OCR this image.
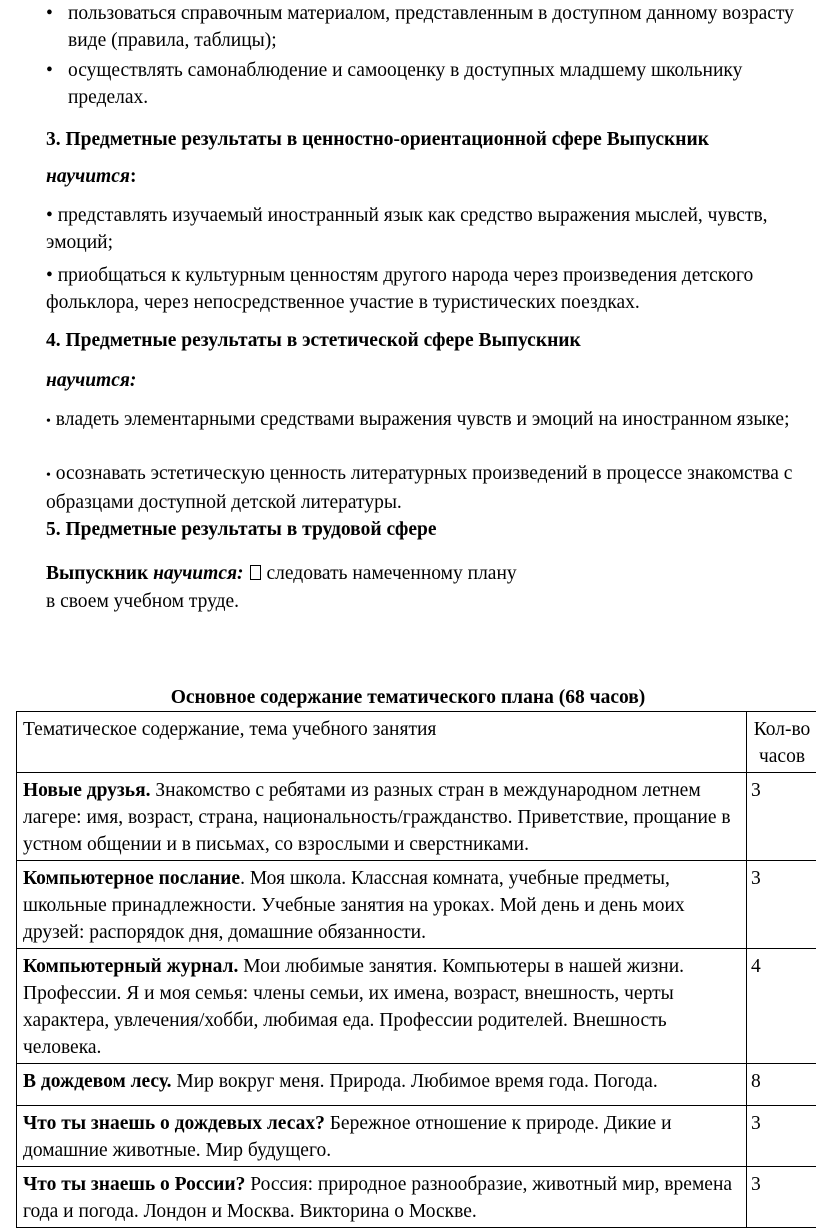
• пользоваться справочным материалом, представленным в доступном данному возрасту виде (правила, таблицы);
• осуществлять самонаблюдение и самооценку в доступных младшему школьнику пределах.
3. Предметные результаты в ценностно-ориентационной сфере Выпускник
научится:
• представлять изучаемый иностранный язык как средство выражения мыслей, чувств, эмоций;
• приобщаться к культурным ценностям другого народа через произведения детского фольклора, через непосредственное участие в туристических поездках.
4. Предметные результаты в эстетической сфере Выпускник
научится:
• владеть элементарными средствами выражения чувств и эмоций на иностранном языке;
• осознавать эстетическую ценность литературных произведений в процессе знакомства с образцами доступной детской литературы.
5. Предметные результаты в трудовой сфере
Выпускник научится: следовать намеченному плану
в своем учебном труде.
Основное содержание тематического плана (68 часов)
Тематическое содержание, тема учебного занятия	Кол-во
часов
Новые друзья. Знакомство с ребятами из разных стран в международном летнем лагере: имя, возраст, страна, национальность/гражданство. Приветствие, прощание в устном общении и в письмах, со взрослыми и сверстниками.	3
Компьютерное послание. Моя школа. Классная комната, учебные предметы, школьные принадлежности. Учебные занятия на уроках. Мой день и день моих друзей: распорядок дня, домашние обязанности.	3
Компьютерный журнал. Мои любимые занятия. Компьютеры в нашей жизни. Профессии. Я и моя семья: члены семьи, их имена, возраст, внешность, черты характера, увлечения/хобби, любимая еда. Профессии родителей. Внешность человека.	4
В дождевом лесу. Мир вокруг меня. Природа. Любимое время года. Погода.	8
Что ты знаешь о дождевых лесах? Бережное отношение к природе. Дикие и домашние животные. Мир будущего.	3
Что ты знаешь о России? Россия: природное разнообразие, животный мир, времена года и погода. Лондон и Москва. Викторина о Москве.	3
